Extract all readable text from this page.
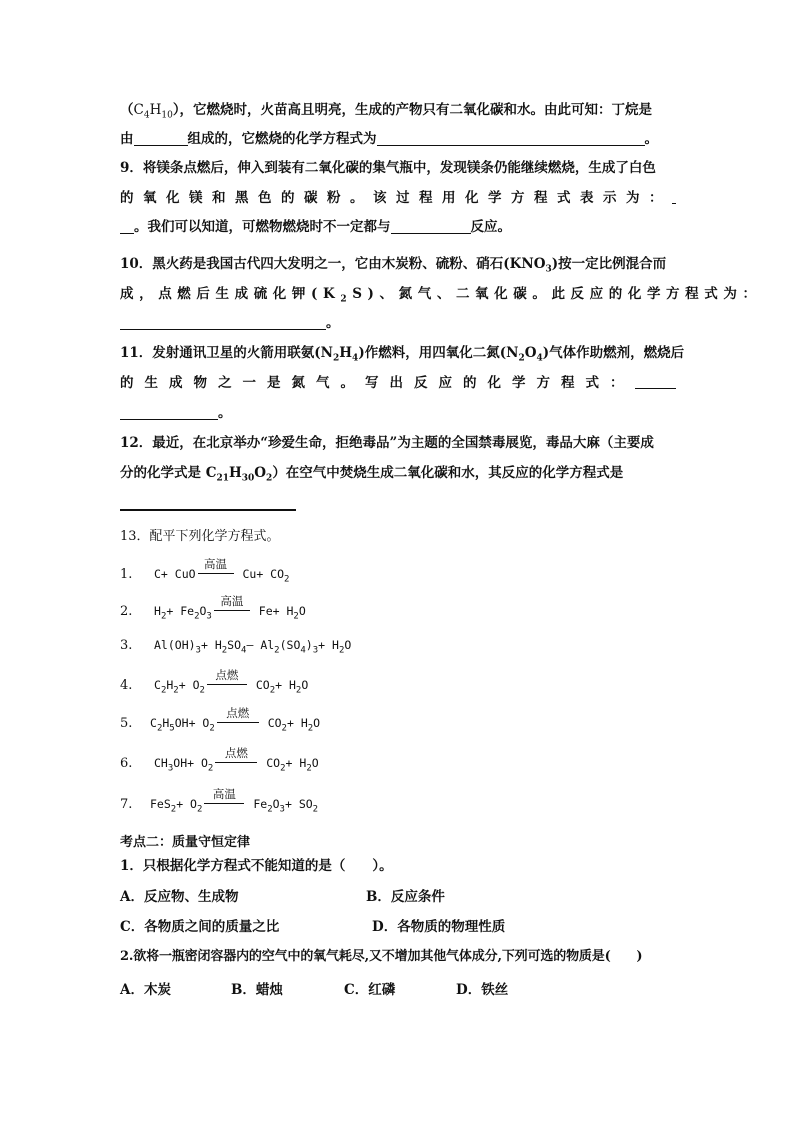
$(C_4H_{10})$，它燃烧时，火苗高且明亮，生成的产物只有二氧化碳和水。由此可知：丁烷是
由	组成的，它燃烧的化学方程式为	。
9．将镁条点燃后，伸入到装有二氧化碳的集气瓶中，发现镁条仍能继续燃烧，生成了白色
的氧化镁和黑色的碳粉。该过程用化学方程式表示为：
。我们可以知道，可燃物燃烧时不一定都与	反应。
10．黑火药是我国古代四大发明之一，它由木炭粉、硫粉、硝石$(KNO_3)$按一定比例混合而
成，点燃后生成硫化钾$(K_2S)$、氮气、二氧化碳。此反应的化学方程式为：
。
11．发射通讯卫星的火箭用联氨$(N_2H_4)$作燃料，用四氧化二氮$(N_2O_4)$气体作助燃剂，燃烧后
的生成物之一是氮气。写出反应的化学方程式：
。
12．最近，在北京举办“珍爱生命，拒绝毒品”为主题的全国禁毒展览，毒品大麻（主要成
分的化学式是 $C_{21}H_{30}O_2$）在空气中焚烧生成二氧化碳和水，其反应的化学方程式是
13．配平下列化学方程式。
1. C+ CuO
高温
$Cu+ CO_2$
2. $H_2+ Fe_2O_3$
高温
$Fe+ H_2O$
3. $Al(OH)_3+$ $H_2SO_4—$ $Al_2(SO_4)_3+ H_2O$
4. $C_2H_2+ O_2$
点燃
$CO_2+ H_2O$
5. $C_2H_5OH+ O_2$
点燃
$CO_2+ H_2O$
6. $CH_3OH+ O_2$
点燃
$CO_2+ H_2O$
7. $FeS_2+ O_2$
高温
$Fe_2O_3+ SO_2$
考点二：质量守恒定律
1．只根据化学方程式不能知道的是（　　）。
A．反应物、生成物	B．反应条件
C．各物质之间的质量之比	D．各物质的物理性质
2.欲将一瓶密闭容器内的空气中的氧气耗尽,又不增加其他气体成分,下列可选的物质是(　　)
A．木炭	B．蜡烛	C．红磷	D．铁丝
